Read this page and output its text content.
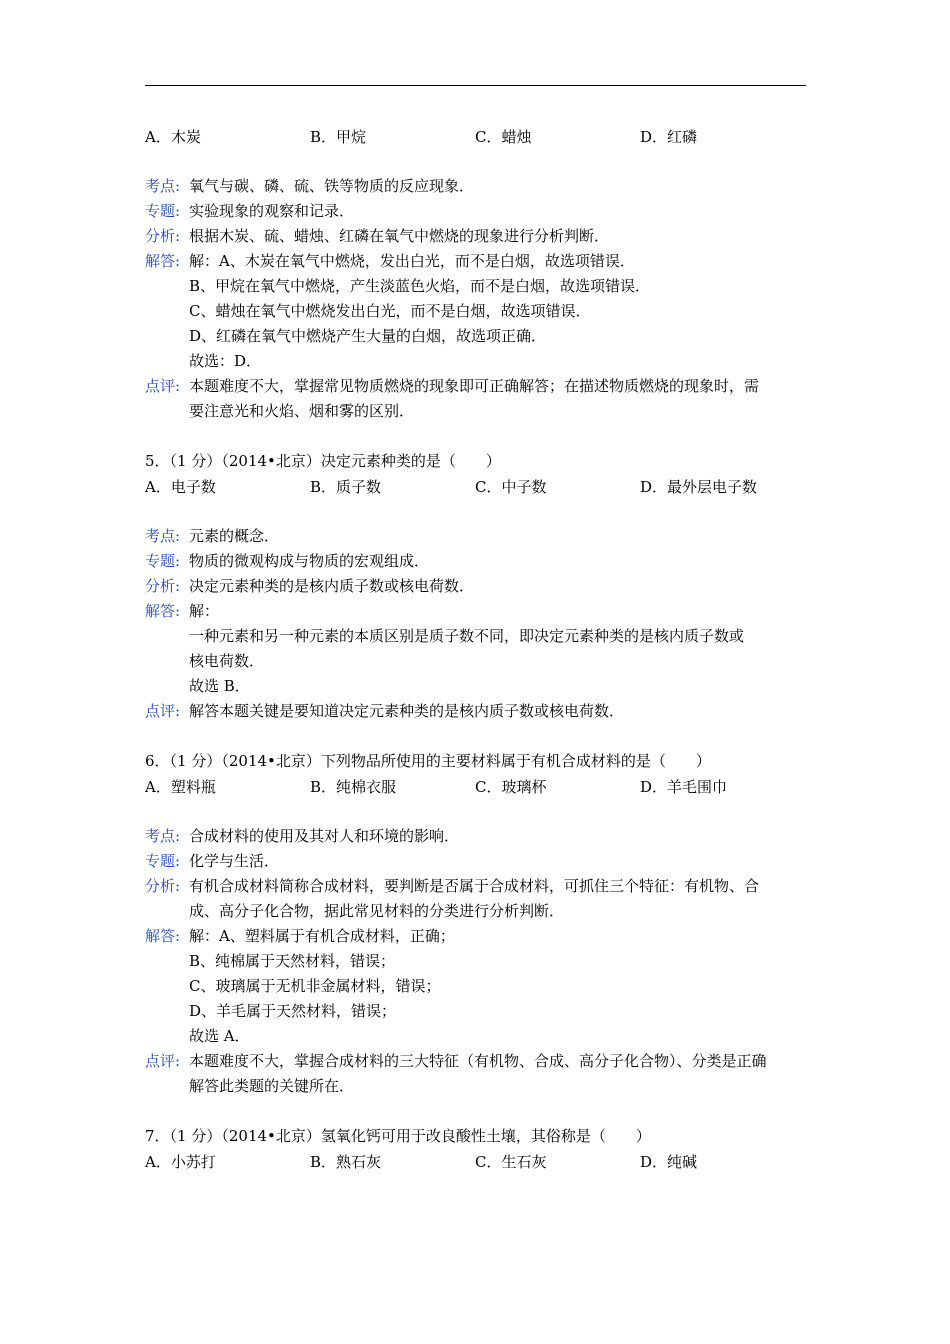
A．木炭	B．甲烷	C．蜡烛	D．红磷
考点: 氧气与碳、磷、硫、铁等物质的反应现象．
专题: 实验现象的观察和记录．
分析: 根据木炭、硫、蜡烛、红磷在氧气中燃烧的现象进行分析判断．
解答: 解：A、木炭在氧气中燃烧，发出白光，而不是白烟，故选项错误．
B、甲烷在氧气中燃烧，产生淡蓝色火焰，而不是白烟，故选项错误．
C、蜡烛在氧气中燃烧发出白光，而不是白烟，故选项错误．
D、红磷在氧气中燃烧产生大量的白烟，故选项正确．
故选：D．
点评: 本题难度不大，掌握常见物质燃烧的现象即可正确解答；在描述物质燃烧的现象时，需
要注意光和火焰、烟和雾的区别．
5．（1 分）（2014•北京）决定元素种类的是（　　）
A．电子数	B．质子数	C．中子数	D．最外层电子数
考点: 元素的概念．
专题: 物质的微观构成与物质的宏观组成．
分析: 决定元素种类的是核内质子数或核电荷数．
解答: 解：
一种元素和另一种元素的本质区别是质子数不同，即决定元素种类的是核内质子数或
核电荷数．
故选 B．
点评: 解答本题关键是要知道决定元素种类的是核内质子数或核电荷数．
6．（1 分）（2014•北京）下列物品所使用的主要材料属于有机合成材料的是（　　）
A．塑料瓶	B．纯棉衣服	C．玻璃杯	D．羊毛围巾
考点: 合成材料的使用及其对人和环境的影响．
专题: 化学与生活．
分析: 有机合成材料简称合成材料，要判断是否属于合成材料，可抓住三个特征：有机物、合
成、高分子化合物，据此常见材料的分类进行分析判断．
解答: 解：A、塑料属于有机合成材料，正确；
B、纯棉属于天然材料，错误；
C、玻璃属于无机非金属材料，错误；
D、羊毛属于天然材料，错误；
故选 A．
点评: 本题难度不大，掌握合成材料的三大特征（有机物、合成、高分子化合物）、分类是正确
解答此类题的关键所在．
7．（1 分）（2014•北京）氢氧化钙可用于改良酸性土壤，其俗称是（　　）
A．小苏打	B．熟石灰	C．生石灰	D．纯碱
